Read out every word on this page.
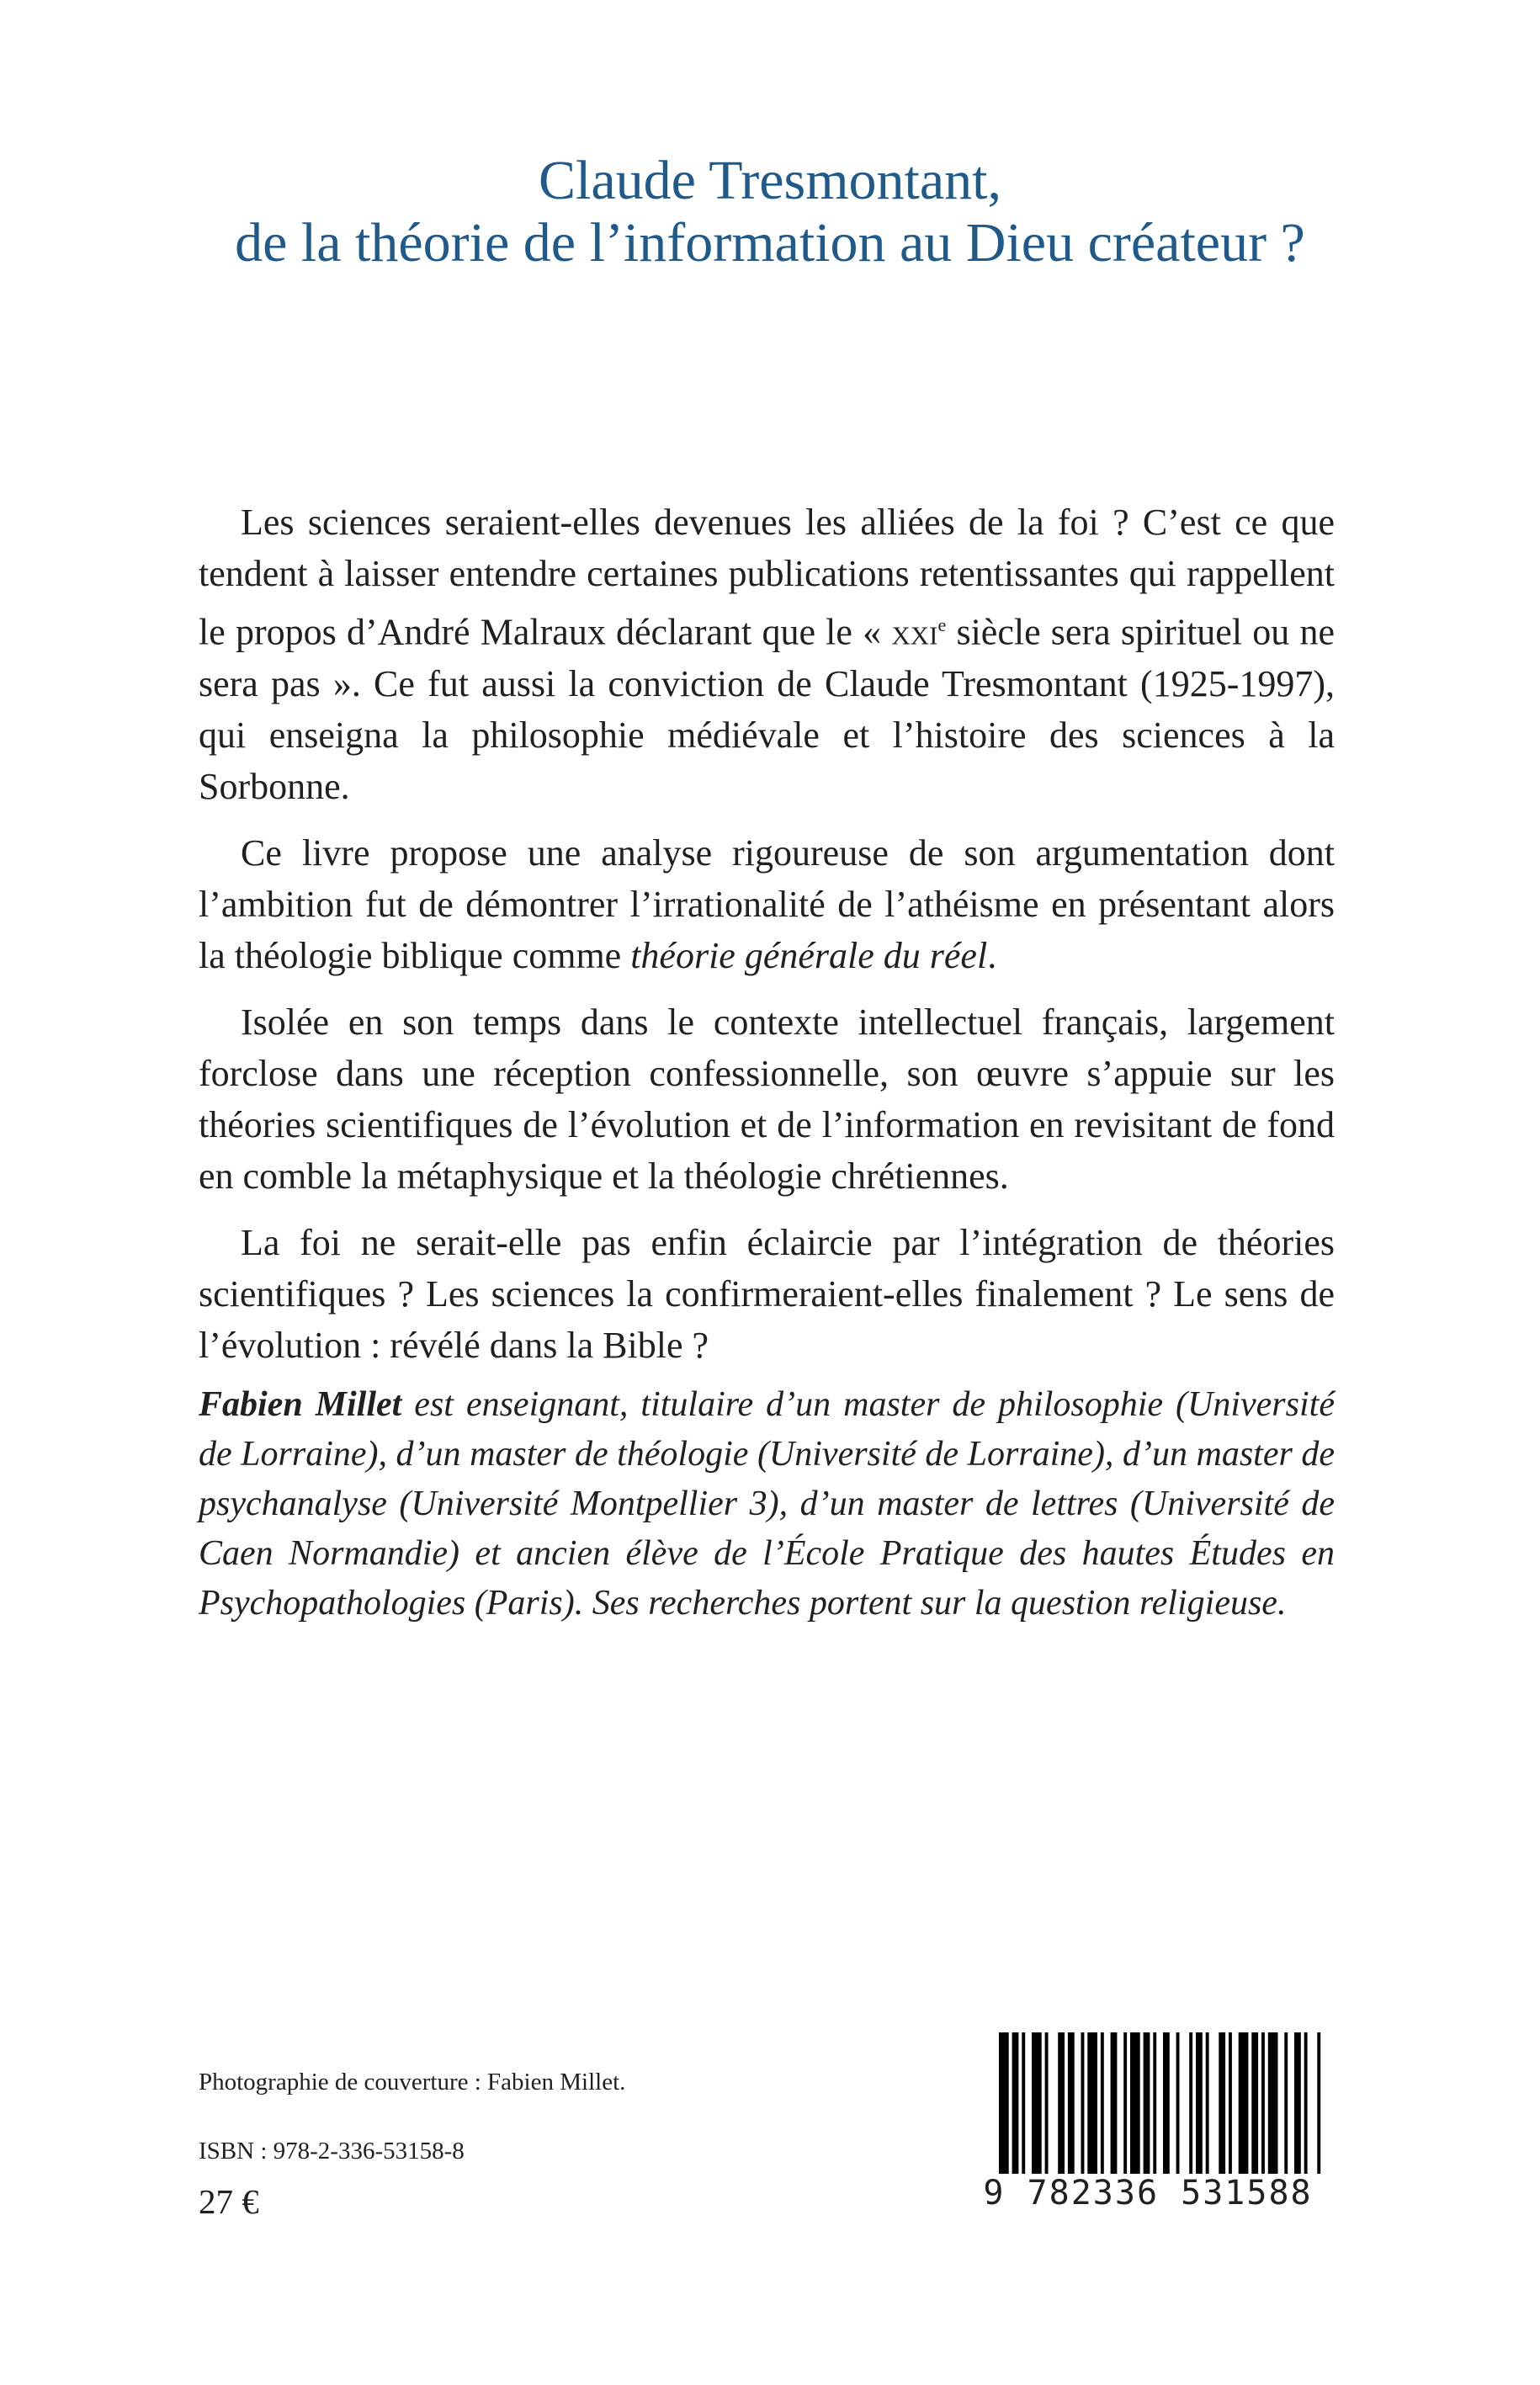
Claude Tresmontant,
de la théorie de l’information au Dieu créateur ?

Les sciences seraient-elles devenues les alliées de la foi ? C’est ce que tendent à laisser entendre certaines publications retentissantes qui rappellent le propos d’André Malraux déclarant que le « xxi$^e$ siècle sera spirituel ou ne sera pas ». Ce fut aussi la conviction de Claude Tresmontant (1925-1997), qui enseigna la philosophie médiévale et l’histoire des sciences à la Sorbonne.

Ce livre propose une analyse rigoureuse de son argumentation dont l’ambition fut de démontrer l’irrationalité de l’athéisme en présentant alors la théologie biblique comme théorie générale du réel.

Isolée en son temps dans le contexte intellectuel français, largement forclose dans une réception confessionnelle, son œuvre s’appuie sur les théories scientifiques de l’évolution et de l’information en revisitant de fond en comble la métaphysique et la théologie chrétiennes.

La foi ne serait-elle pas enfin éclaircie par l’intégration de théories scientifiques ? Les sciences la confirmeraient-elles finalement ? Le sens de l’évolution : révélé dans la Bible ?

Fabien Millet est enseignant, titulaire d’un master de philosophie (Université de Lorraine), d’un master de théologie (Université de Lorraine), d’un master de psychanalyse (Université Montpellier 3), d’un master de lettres (Université de Caen Normandie) et ancien élève de l’École Pratique des hautes Études en Psychopathologies (Paris). Ses recherches portent sur la question religieuse.

Photographie de couverture : Fabien Millet.

ISBN : 978-2-336-53158-8

27 €	9 782336 531588
